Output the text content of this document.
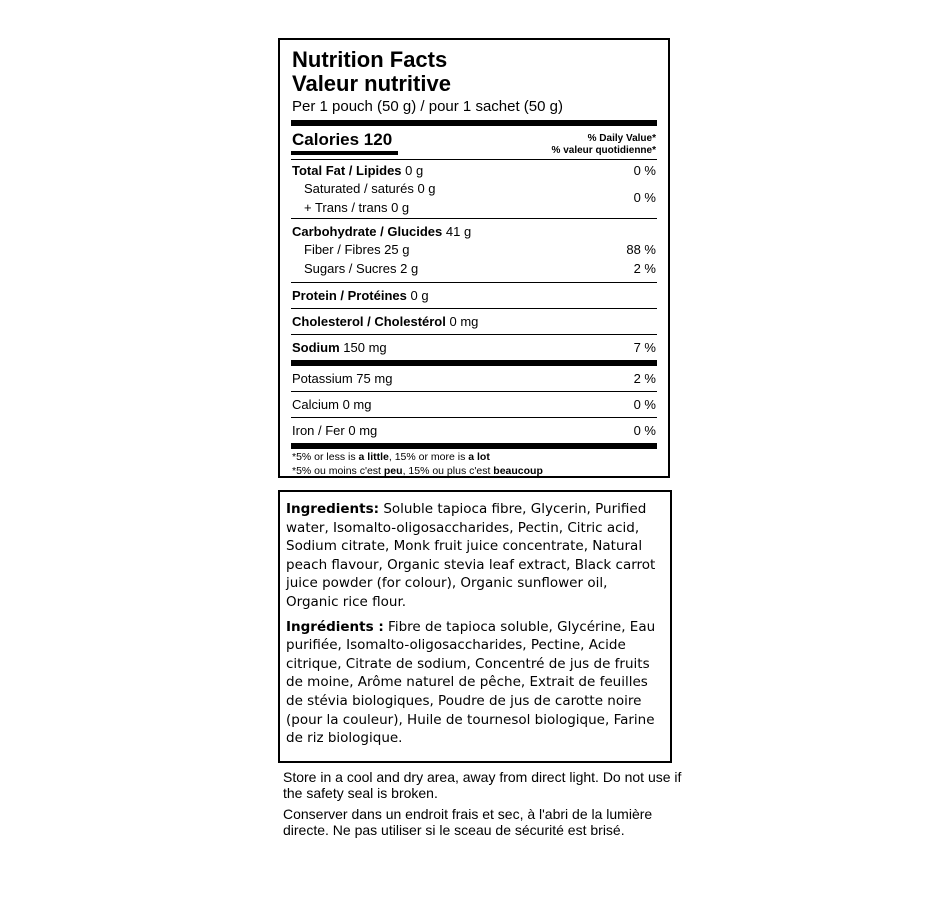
Nutrition Facts
Valeur nutritive
Per 1 pouch (50 g) / pour 1 sachet (50 g)
Calories 120	% Daily Value*
% valeur quotidienne*
Total Fat / Lipides 0 g	0 %
Saturated / saturés 0 g
+ Trans / trans 0 g
0 %
Carbohydrate / Glucides 41 g
Fiber / Fibres 25 g	88 %
Sugars / Sucres 2 g	2 %
Protein / Protéines 0 g
Cholesterol / Cholestérol 0 mg
Sodium 150 mg	7 %
Potassium 75 mg	2 %
Calcium 0 mg	0 %
Iron / Fer 0 mg	0 %
*5% or less is a little, 15% or more is a lot
*5% ou moins c'est peu, 15% ou plus c'est beaucoup

Ingredients: Soluble tapioca fibre, Glycerin, Purified water, Isomalto-oligosaccharides, Pectin, Citric acid, Sodium citrate, Monk fruit juice concentrate, Natural peach flavour, Organic stevia leaf extract, Black carrot juice powder (for colour), Organic sunflower oil, Organic rice flour.

Ingrédients : Fibre de tapioca soluble, Glycérine, Eau purifiée, Isomalto-oligosaccharides, Pectine, Acide citrique, Citrate de sodium, Concentré de jus de fruits de moine, Arôme naturel de pêche, Extrait de feuilles de stévia biologiques, Poudre de jus de carotte noire (pour la couleur), Huile de tournesol biologique, Farine de riz biologique.

Store in a cool and dry area, away from direct light. Do not use if the safety seal is broken.

Conserver dans un endroit frais et sec, à l'abri de la lumière directe. Ne pas utiliser si le sceau de sécurité est brisé.
